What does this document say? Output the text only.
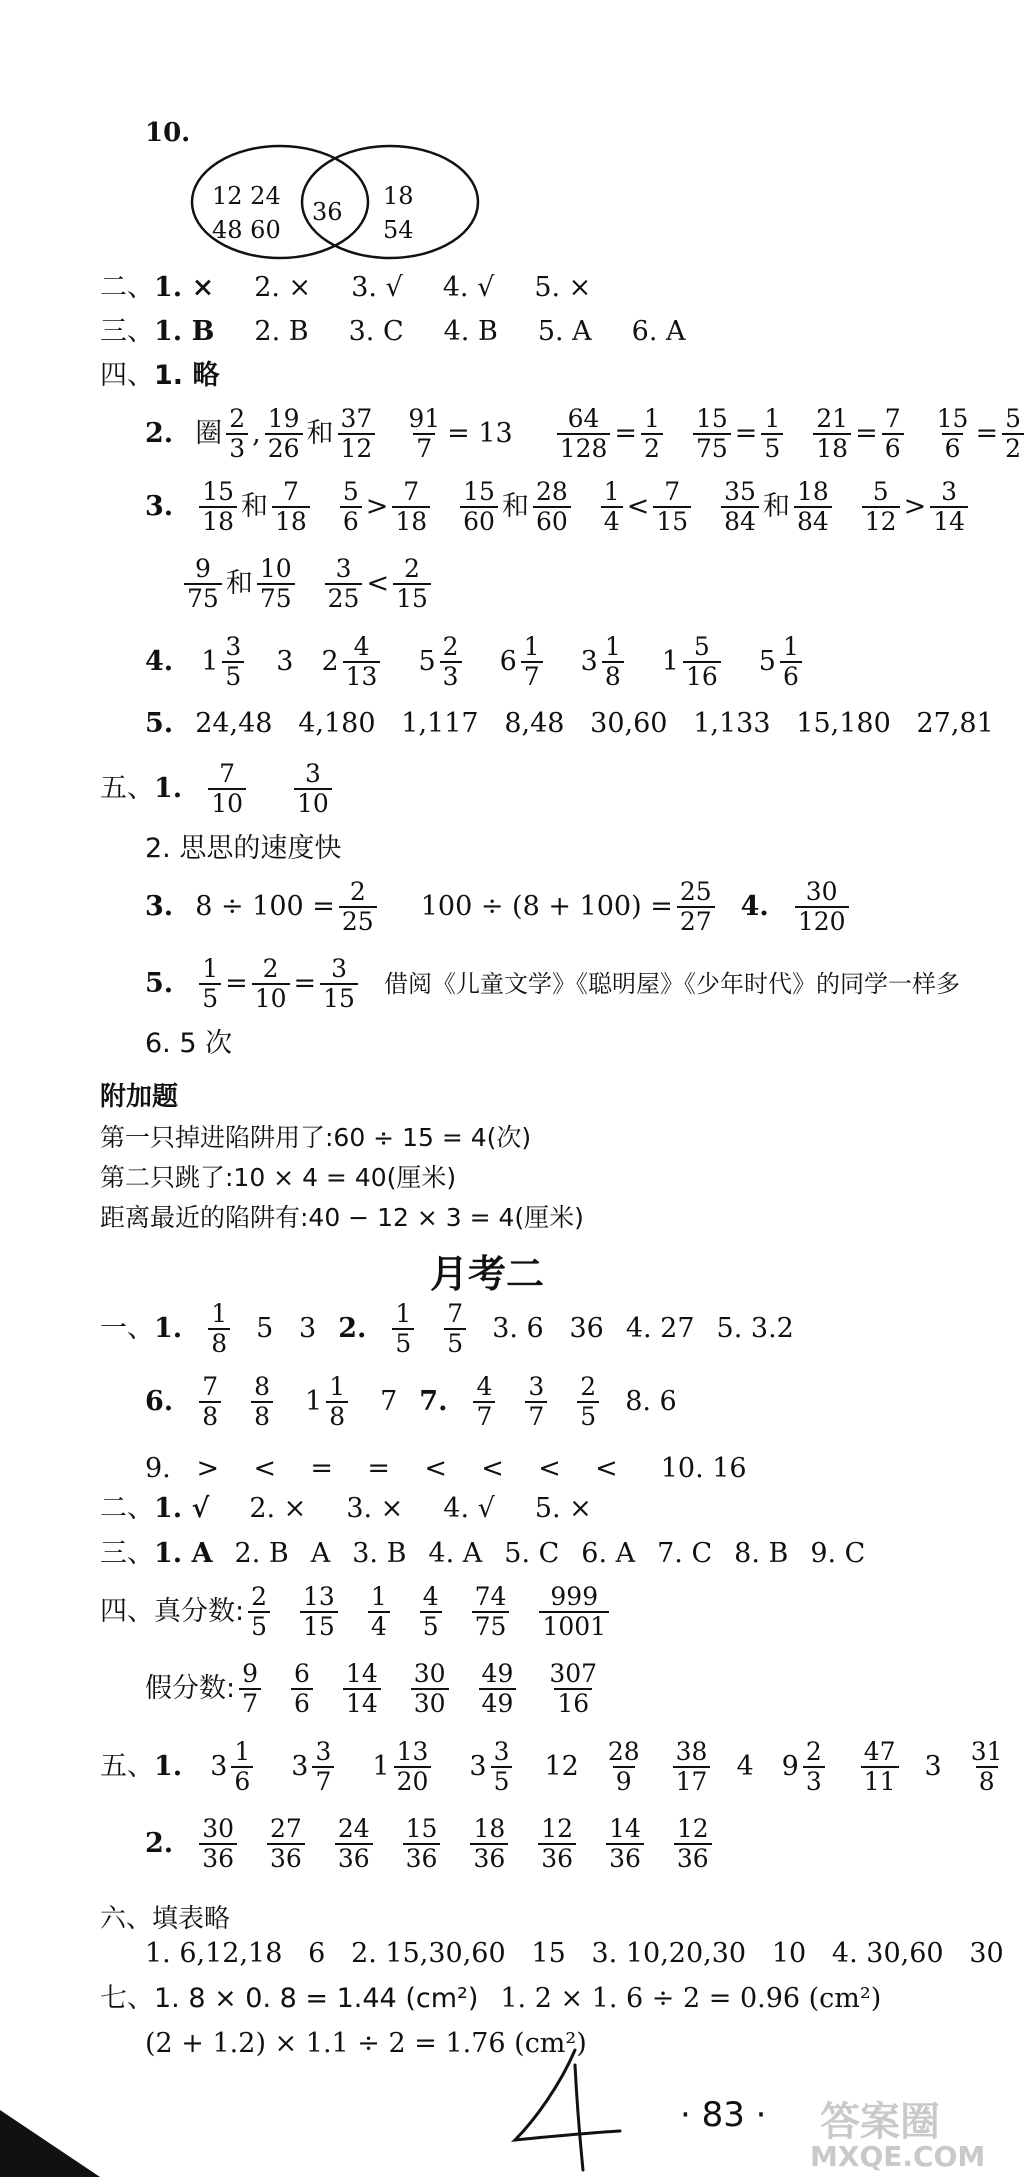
10.
12 24
48 60
36
18
54
二、 1. × 2. × 3. √ 4. √ 5. ×
三、 1. B 2. B 3. C 4. B 5. A 6. A
四、 1. 略
2. 圈 2
3 , 19
26 和 37
$12 \frac{91}{7} = 13$ 64
128 = 1
2
15
75 = 1
5
21
18 = 7
6
15
6 = 5
2
3. 15
18 和 7
18
5
6 > 7
18
15
60 和 28
60
1
4 < 7
15
35
84 和 18
84
5
12 > 3
14
9
75 和 10
75
3
25 < 2
15
4. 1 3
5 3 2 4
13 5 2
3 6 1
7 3 1
8 1 5
16 5 1
6
5. 24,48   4,180   1,117   8,48   30,60   1,133   15,180   27,81
五、 1. 7
10
3
10
2. 思思的速度快
3. $8 \div 100 = \frac{2}{25} 100 \div (8 + 100) = \frac{25}{27} 4$. 30
120
5. 1
5 = 2
10 = 3
15 借阅《儿童文学》《聪明屋》《少年时代》的同学一样多
6. 5 次
附加题
第一只掉进陷阱用了:60 ÷ 15 = 4(次)
第二只跳了:10 × 4 = 40(厘米)
距离最近的陷阱有:40 − 12 × 3 = 4(厘米)
月考二
一、 1. 1
8 5   3 2. 1
5
7
5 3. 6   36 4. 27 5. 3.2
6. 7
8
8
8 1 1
8 7 7. 4
7
3
7
2
5 8. 6
9.   >    <    =    =    <    <    <    <     10. 16
二、 1. √ 2. × 3. × 4. √ 5. ×
三、 1. A 2. B A 3. B 4. A 5. C 6. A 7. C 8. B 9. C
四、 真分数: 2
5
13
15
1
4
4
5
74
75
999
1001
假分数: 9
7
6
6
14
14
30
30
49
49
307
16
五、 1. 3 1
6 3 3
7 1 13
20 3 3
5 12 28
9
38
17 4 9 2
3
47
11 3 31
8
2. 30
36
27
36
24
36
15
36
18
36
12
36
14
36
12
36
六、填表略
1. 6,12,18   6   2. 15,30,60   15   3. 10,20,30   10   4. 30,60   30
七、1. 8 × 0. 8 = 1.44 (cm²) 1. 2 × 1. 6 ÷ 2 = 0.96 (cm²)
(2 + 1.2) × 1.1 ÷ 2 = 1.76 (cm²)
· 83 · 答案圈
MXQE.COM
